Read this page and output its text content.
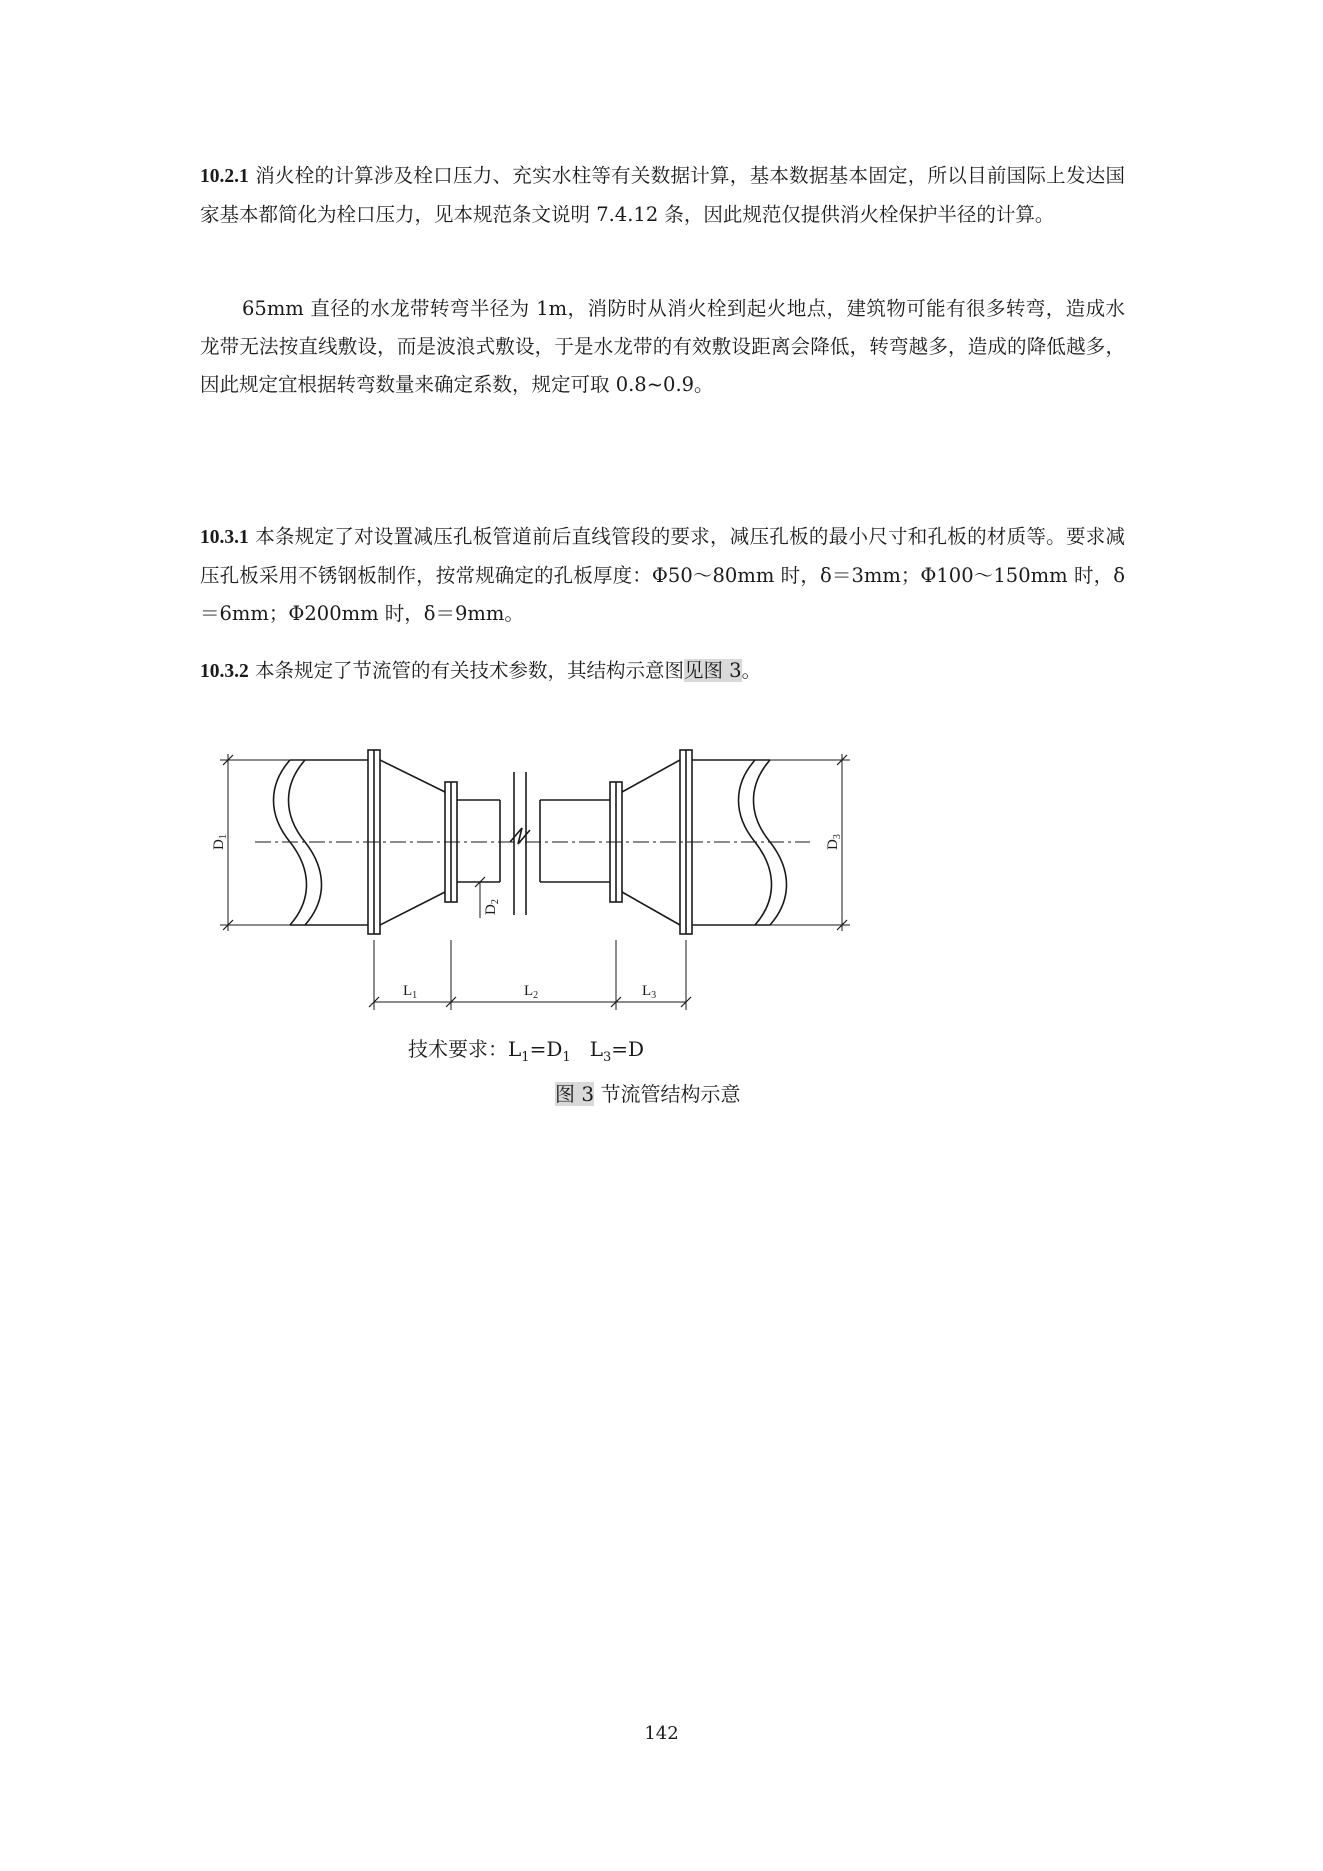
10.2.1 消火栓的计算涉及栓口压力、充实水柱等有关数据计算，基本数据基本固定，所以目前国际上发达国家基本都简化为栓口压力，见本规范条文说明 7.4.12 条，因此规范仅提供消火栓保护半径的计算。

65mm 直径的水龙带转弯半径为 1m，消防时从消火栓到起火地点，建筑物可能有很多转弯，造成水龙带无法按直线敷设，而是波浪式敷设，于是水龙带的有效敷设距离会降低，转弯越多，造成的降低越多，因此规定宜根据转弯数量来确定系数，规定可取 0.8~0.9。

10.3.1 本条规定了对设置减压孔板管道前后直线管段的要求，减压孔板的最小尺寸和孔板的材质等。要求减压孔板采用不锈钢板制作，按常规确定的孔板厚度：Φ50～80mm 时，δ＝3mm；Φ100～150mm 时，δ＝6mm；Φ200mm 时，δ＝9mm。

10.3.2 本条规定了节流管的有关技术参数，其结构示意图见图 3。

$D_1$
$D_3$
$D_2$
$L_1$	$L_2$	$L_3$

技术要求：$L_1=D_1$ $L_3=D$

图 3 节流管结构示意

142
